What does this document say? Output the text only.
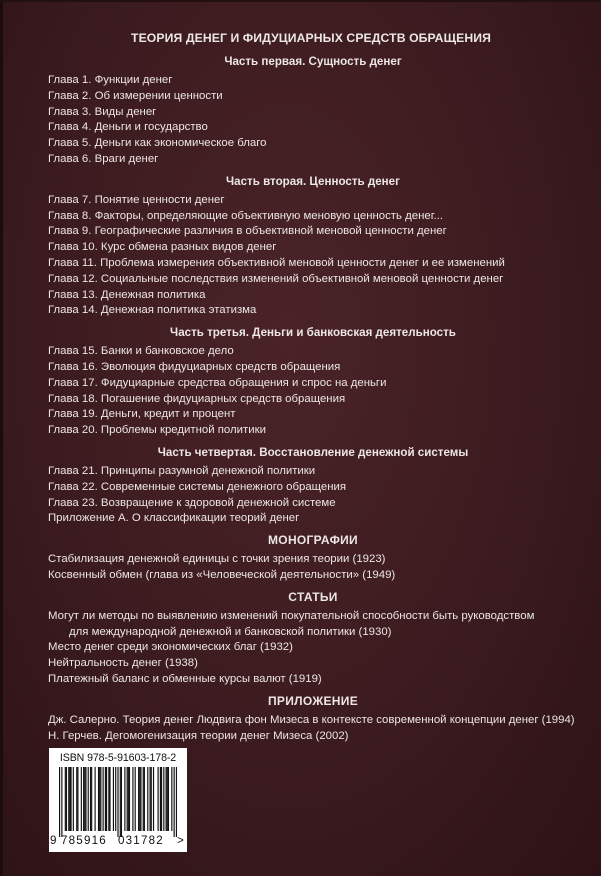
ТЕОРИЯ ДЕНЕГ И ФИДУЦИАРНЫХ СРЕДСТВ ОБРАЩЕНИЯ
Часть первая. Сущность денег
Глава 1. Функции денег
Глава 2. Об измерении ценности
Глава 3. Виды денег
Глава 4. Деньги и государство
Глава 5. Деньги как экономическое благо
Глава 6. Враги денег
Часть вторая. Ценность денег
Глава 7. Понятие ценности денег
Глава 8. Факторы, определяющие объективную меновую ценность денег...
Глава 9. Географические различия в объективной меновой ценности денег
Глава 10. Курс обмена разных видов денег
Глава 11. Проблема измерения объективной меновой ценности денег и ее изменений
Глава 12. Социальные последствия изменений объективной меновой ценности денег
Глава 13. Денежная политика
Глава 14. Денежная политика этатизма
Часть третья. Деньги и банковская деятельность
Глава 15. Банки и банковское дело
Глава 16. Эволюция фидуциарных средств обращения
Глава 17. Фидуциарные средства обращения и спрос на деньги
Глава 18. Погашение фидуциарных средств обращения
Глава 19. Деньги, кредит и процент
Глава 20. Проблемы кредитной политики
Часть четвертая. Восстановление денежной системы
Глава 21. Принципы разумной денежной политики
Глава 22. Современные системы денежного обращения
Глава 23. Возвращение к здоровой денежной системе
Приложение А. О классификации теорий денег
МОНОГРАФИИ
Стабилизация денежной единицы с точки зрения теории (1923)
Косвенный обмен (глава из «Человеческой деятельности» (1949)
СТАТЬИ
Могут ли методы по выявлению изменений покупательной способности быть руководством
для международной денежной и банковской политики (1930)
Место денег среди экономических благ (1932)
Нейтральность денег (1938)
Платежный баланс и обменные курсы валют (1919)
ПРИЛОЖЕНИЕ
Дж. Салерно. Теория денег Людвига фон Мизеса в контексте современной концепции денег (1994)
Н. Герчев. Дегомогенизация теории денег Мизеса (2002)
ISBN 978-5-91603-178-2
9 785916 031782 >
